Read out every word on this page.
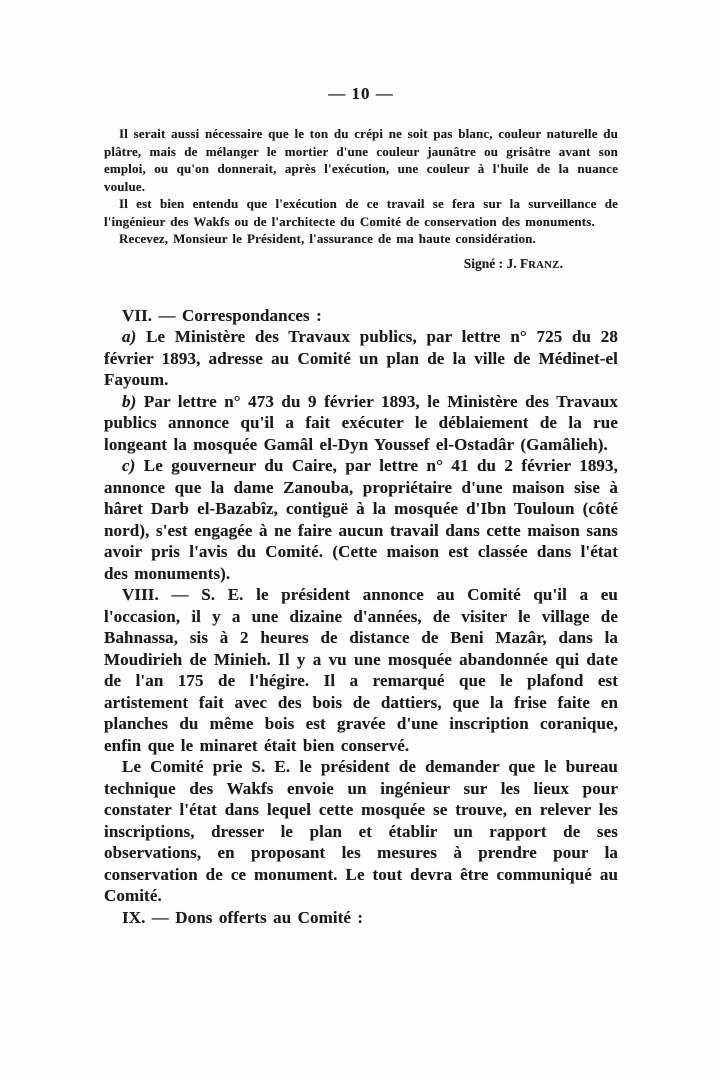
— 10 —

Il serait aussi nécessaire que le ton du crépi ne soit pas blanc, couleur naturelle du plâtre, mais de mélanger le mortier d'une couleur jaunâtre ou grisâtre avant son emploi, ou qu'on donnerait, après l'exécution, une couleur à l'huile de la nuance voulue.

Il est bien entendu que l'exécution de ce travail se fera sur la surveillance de l'ingénieur des Wakfs ou de l'architecte du Comité de conservation des monuments.

Recevez, Monsieur le Président, l'assurance de ma haute considération.

Signé : J. FRANZ.

VII. — Correspondances :

a) Le Ministère des Travaux publics, par lettre n° 725 du 28 février 1893, adresse au Comité un plan de la ville de Médinet-el Fayoum.

b) Par lettre n° 473 du 9 février 1893, le Ministère des Travaux publics annonce qu'il a fait exécuter le déblaiement de la rue longeant la mosquée Gamâl el-Dyn Youssef el-Ostadâr (Gamâlieh).

c) Le gouverneur du Caire, par lettre n° 41 du 2 février 1893, annonce que la dame Zanouba, propriétaire d'une maison sise à hâret Darb el-Bazabîz, contiguë à la mosquée d'Ibn Touloun (côté nord), s'est engagée à ne faire aucun travail dans cette maison sans avoir pris l'avis du Comité. (Cette maison est classée dans l'état des monuments).

VIII. — S. E. le président annonce au Comité qu'il a eu l'occasion, il y a une dizaine d'années, de visiter le village de Bahnassa, sis à 2 heures de distance de Beni Mazâr, dans la Moudirieh de Minieh. Il y a vu une mosquée abandonnée qui date de l'an 175 de l'hégire. Il a remarqué que le plafond est artistement fait avec des bois de dattiers, que la frise faite en planches du même bois est gravée d'une inscription coranique, enfin que le minaret était bien conservé.

Le Comité prie S. E. le président de demander que le bureau technique des Wakfs envoie un ingénieur sur les lieux pour constater l'état dans lequel cette mosquée se trouve, en relever les inscriptions, dresser le plan et établir un rapport de ses observations, en proposant les mesures à prendre pour la conservation de ce monument. Le tout devra être communiqué au Comité.

IX. — Dons offerts au Comité :
